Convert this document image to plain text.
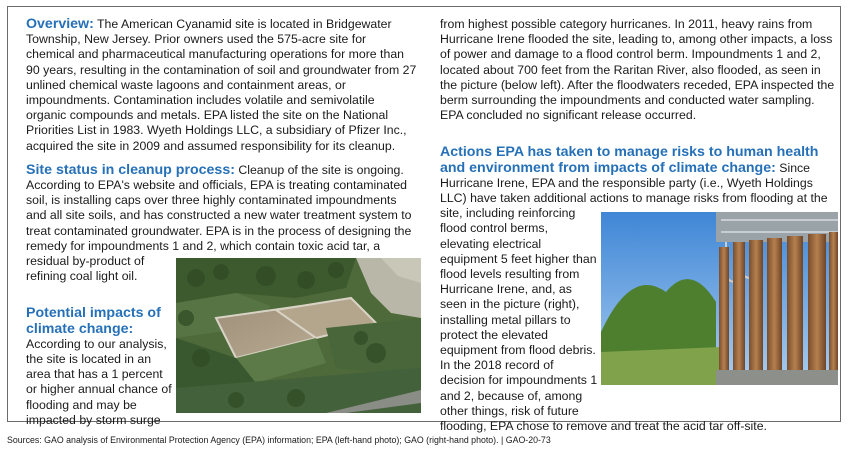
Overview: The American Cyanamid site is located in Bridgewater Township, New Jersey. Prior owners used the 575-acre site for chemical and pharmaceutical manufacturing operations for more than 90 years, resulting in the contamination of soil and groundwater from 27 unlined chemical waste lagoons and containment areas, or impoundments. Contamination includes volatile and semivolatile organic compounds and metals. EPA listed the site on the National Priorities List in 1983. Wyeth Holdings LLC, a subsidiary of Pfizer Inc., acquired the site in 2009 and assumed responsibility for its cleanup.

Site status in cleanup process: Cleanup of the site is ongoing. According to EPA's website and officials, EPA is treating contaminated soil, is installing caps over three highly contaminated impoundments and all site soils, and has constructed a new water treatment system to treat contaminated groundwater. EPA is in the process of designing the remedy for impoundments 1 and 2, which contain toxic acid tar, a

residual by-product of refining coal light oil.

Potential impacts of climate change:

According to our analysis, the site is located in an area that has a 1 percent or higher annual chance of flooding and may be impacted by storm surge

from highest possible category hurricanes. In 2011, heavy rains from Hurricane Irene flooded the site, leading to, among other impacts, a loss of power and damage to a flood control berm. Impoundments 1 and 2, located about 700 feet from the Raritan River, also flooded, as seen in the picture (below left). After the floodwaters receded, EPA inspected the berm surrounding the impoundments and conducted water sampling. EPA concluded no significant release occurred.

Actions EPA has taken to manage risks to human health and environment from impacts of climate change: Since Hurricane Irene, EPA and the responsible party (i.e., Wyeth Holdings LLC) have taken additional actions to manage risks from flooding at the site, including reinforcing

flood control berms, elevating electrical equipment 5 feet higher than flood levels resulting from Hurricane Irene, and, as seen in the picture (right), installing metal pillars to protect the elevated equipment from flood debris. In the 2018 record of decision for impoundments 1 and 2, because of, among other things, risk of future

flooding, EPA chose to remove and treat the acid tar off-site.

Sources: GAO analysis of Environmental Protection Agency (EPA) information; EPA (left-hand photo); GAO (right-hand photo). | GAO-20-73
